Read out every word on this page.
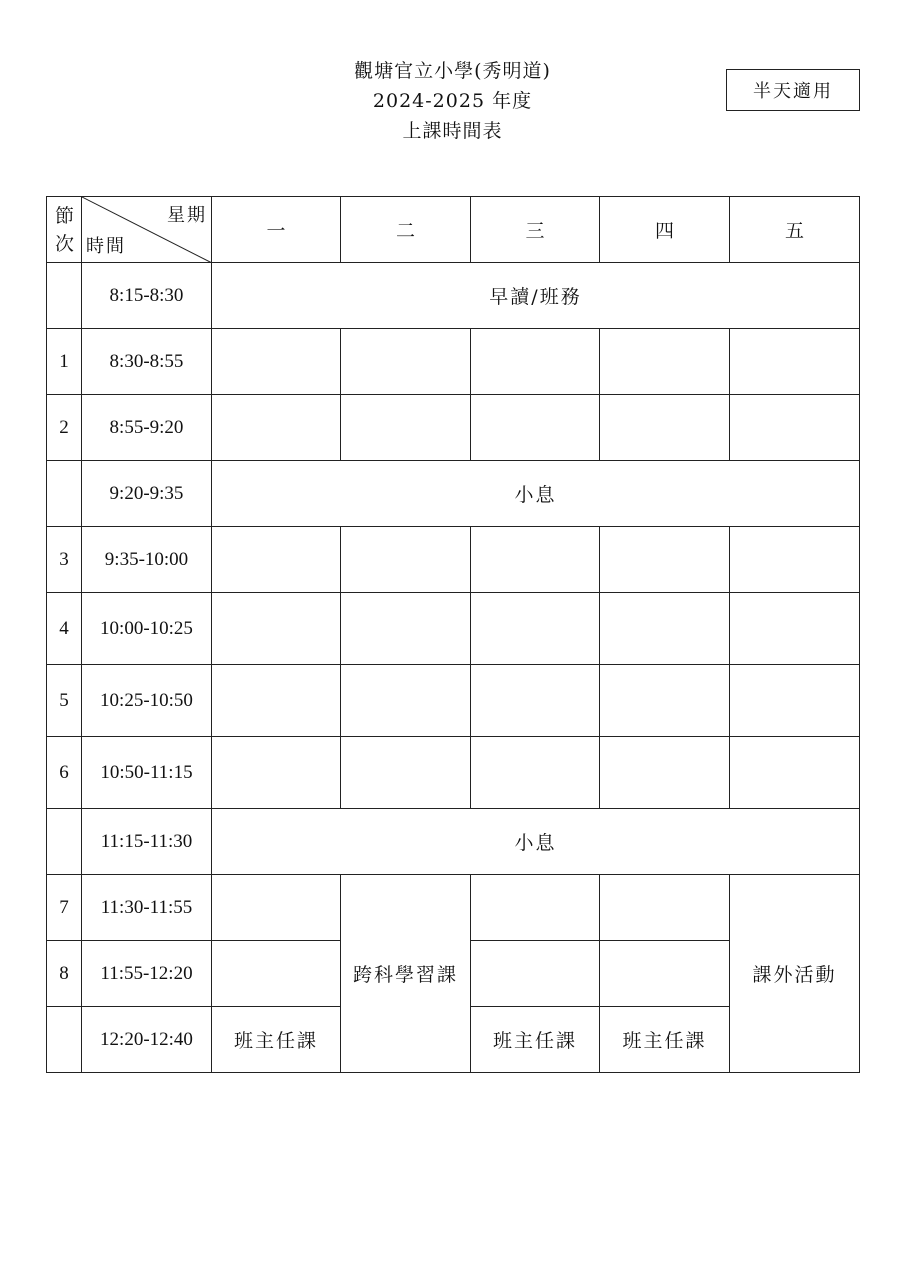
觀塘官立小學(秀明道)
2024-2025 年度
上課時間表
半天適用
節次	星期
時間	一	二	三	四	五
	8:15-8:30	早讀/班務				
1	8:30-8:55					
2	8:55-9:20					
	9:20-9:35	小息				
3	9:35-10:00					
4	10:00-10:25					
5	10:25-10:50					
6	10:50-11:15					
	11:15-11:30	小息				
7	11:30-11:55		跨科學習課			課外活動
8	11:55-12:20					
	12:20-12:40	班主任課		班主任課	班主任課	
